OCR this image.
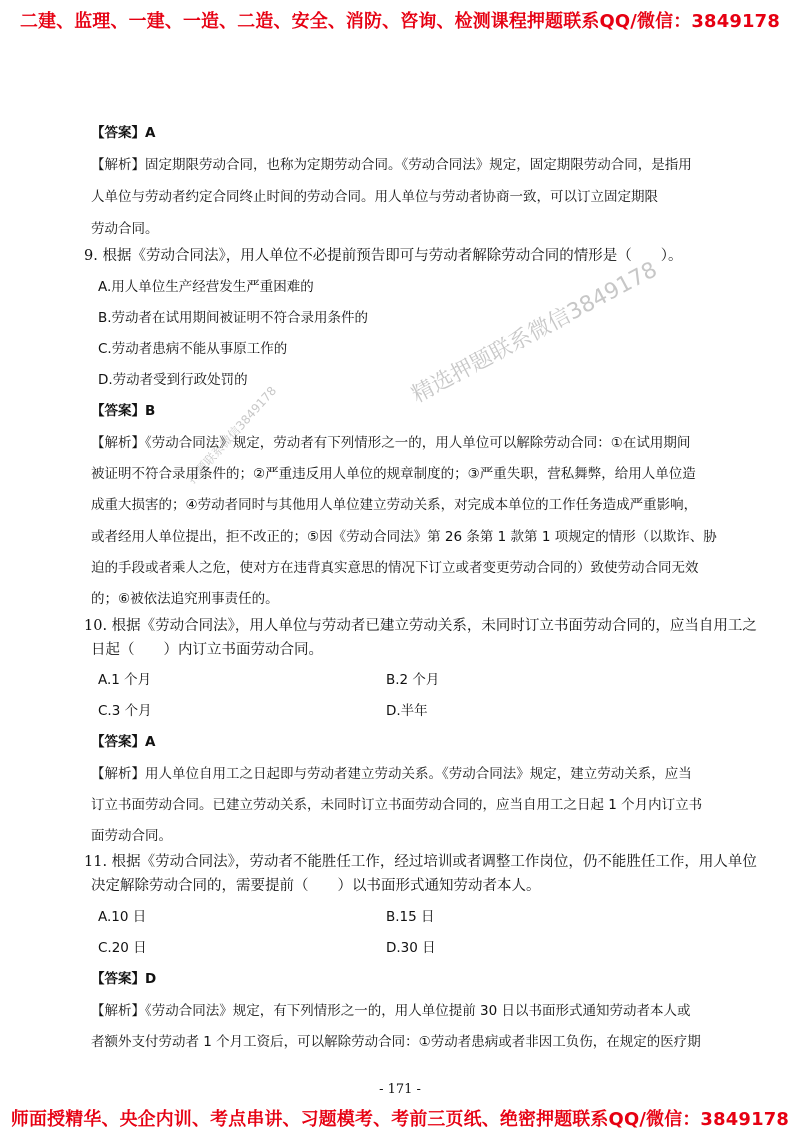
二建、监理、一建、一造、二造、安全、消防、咨询、检测课程押题联系QQ/微信：3849178
精选押题联系微信3849178
押题联系微信3849178
【答案】A
【解析】固定期限劳动合同，也称为定期劳动合同。《劳动合同法》规定，固定期限劳动合同，是指用
人单位与劳动者约定合同终止时间的劳动合同。用人单位与劳动者协商一致，可以订立固定期限
劳动合同。
9. 根据《劳动合同法》，用人单位不必提前预告即可与劳动者解除劳动合同的情形是（　　）。
A.用人单位生产经营发生严重困难的
B.劳动者在试用期间被证明不符合录用条件的
C.劳动者患病不能从事原工作的
D.劳动者受到行政处罚的
【答案】B
【解析】《劳动合同法》规定，劳动者有下列情形之一的，用人单位可以解除劳动合同：①在试用期间
被证明不符合录用条件的；②严重违反用人单位的规章制度的；③严重失职，营私舞弊，给用人单位造
成重大损害的；④劳动者同时与其他用人单位建立劳动关系，对完成本单位的工作任务造成严重影响，
或者经用人单位提出，拒不改正的；⑤因《劳动合同法》第 26 条第 1 款第 1 项规定的情形（以欺诈、胁
迫的手段或者乘人之危，使对方在违背真实意思的情况下订立或者变更劳动合同的）致使劳动合同无效
的；⑥被依法追究刑事责任的。
10. 根据《劳动合同法》，用人单位与劳动者已建立劳动关系，未同时订立书面劳动合同的，应当自用工之
日起（　　）内订立书面劳动合同。
A.1 个月	B.2 个月
C.3 个月	D.半年
【答案】A
【解析】用人单位自用工之日起即与劳动者建立劳动关系。《劳动合同法》规定，建立劳动关系，应当
订立书面劳动合同。已建立劳动关系，未同时订立书面劳动合同的，应当自用工之日起 1 个月内订立书
面劳动合同。
11. 根据《劳动合同法》，劳动者不能胜任工作，经过培训或者调整工作岗位，仍不能胜任工作，用人单位
决定解除劳动合同的，需要提前（　　）以书面形式通知劳动者本人。
A.10 日	B.15 日
C.20 日	D.30 日
【答案】D
【解析】《劳动合同法》规定，有下列情形之一的，用人单位提前 30 日以书面形式通知劳动者本人或
者额外支付劳动者 1 个月工资后，可以解除劳动合同：①劳动者患病或者非因工负伤，在规定的医疗期
- 171 -
师面授精华、央企内训、考点串讲、习题模考、考前三页纸、绝密押题联系QQ/微信：3849178
